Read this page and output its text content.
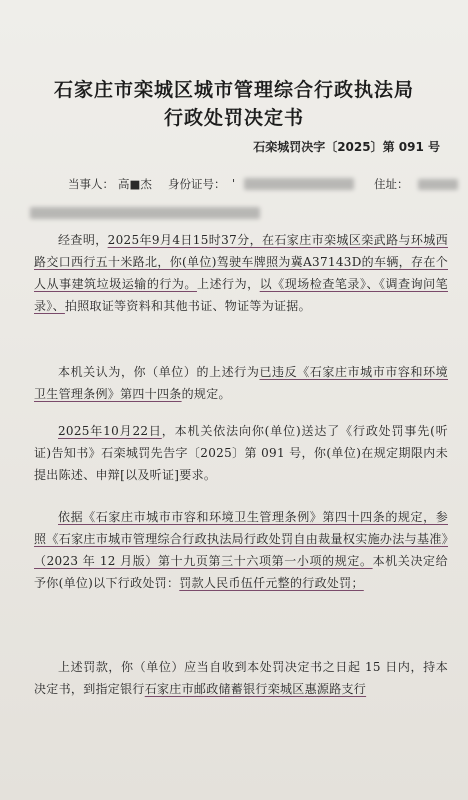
石家庄市栾城区城市管理综合行政执法局
行政处罚决定书
石栾城罚决字〔2025〕第 091 号
当事人： 高■杰 身份证号： '	住址：

经查明，2025年9月4日15时37分，在石家庄市栾城区栾武路与环城西路交口西行五十米路北，你(单位)驾驶车牌照为冀A37143D的车辆，存在个人从事建筑垃圾运输的行为。上述行为，以《现场检查笔录》、《调查询问笔录》、拍照取证等资料和其他书证、物证等为证据。

本机关认为，你（单位）的上述行为已违反《石家庄市城市市容和环境卫生管理条例》第四十四条的规定。

2025年10月22日，本机关依法向你(单位)送达了《行政处罚事先(听证)告知书》石栾城罚先告字〔2025〕第 091 号，你(单位)在规定期限内未提出陈述、申辩[以及听证]要求。

依据《石家庄市城市市容和环境卫生管理条例》第四十四条的规定，参照《石家庄市城市管理综合行政执法局行政处罚自由裁量权实施办法与基准》（2023 年 12 月版）第十九页第三十六项第一小项的规定。本机关决定给予你(单位)以下行政处罚：罚款人民币伍仟元整的行政处罚；

上述罚款，你（单位）应当自收到本处罚决定书之日起 15 日内，持本决定书，到指定银行石家庄市邮政储蓄银行栾城区惠源路支行
